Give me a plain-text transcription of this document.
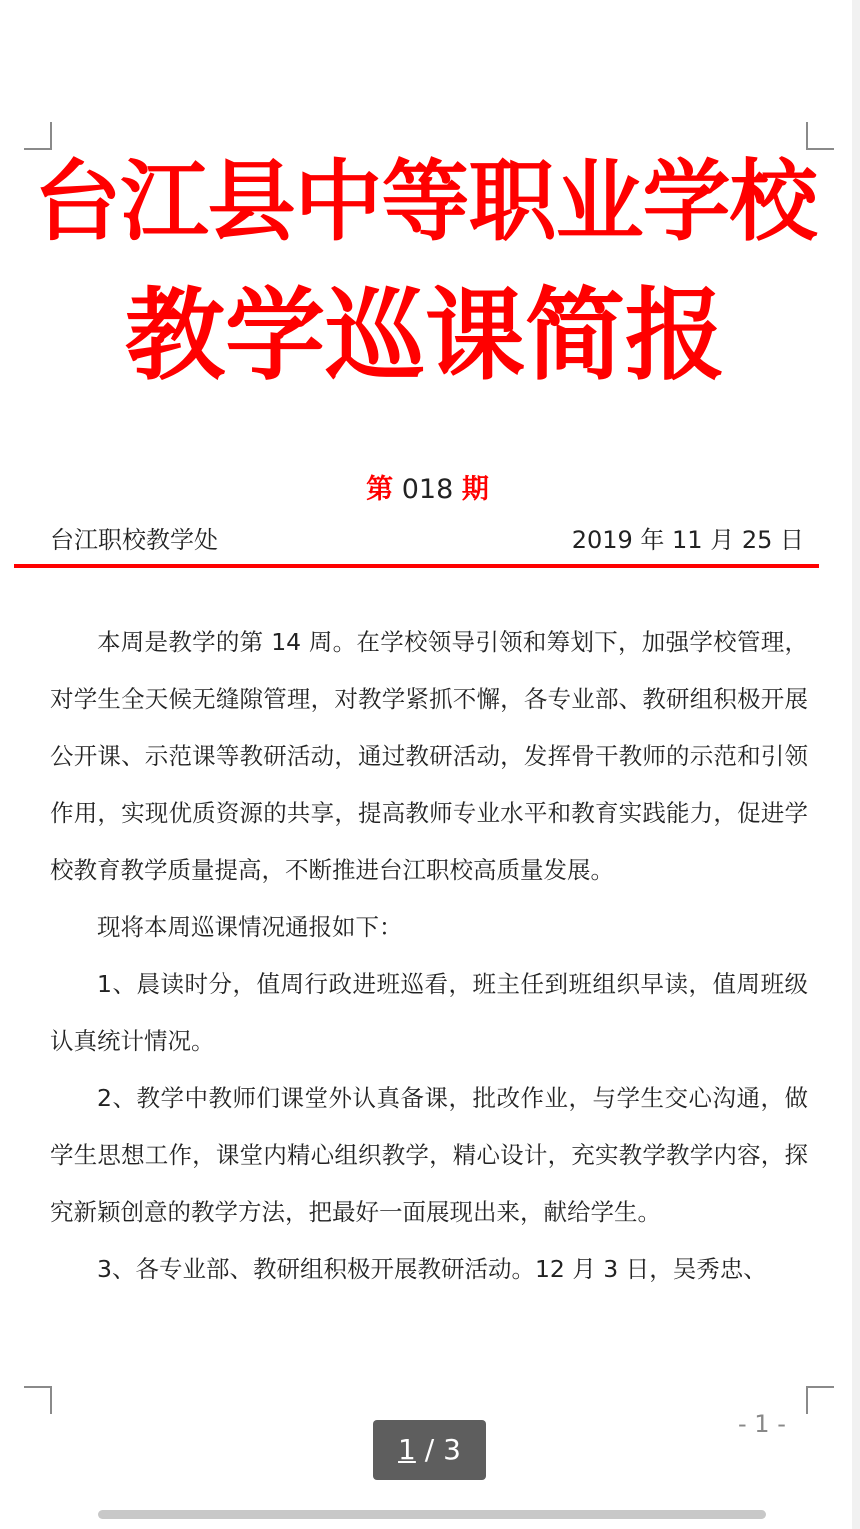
台江县中等职业学校
教学巡课简报
第 018 期
台江职校教学处	2019 年 11 月 25 日

本周是教学的第 14 周。在学校领导引领和筹划下，加强学校管理，对学生全天候无缝隙管理，对教学紧抓不懈，各专业部、教研组积极开展公开课、示范课等教研活动，通过教研活动，发挥骨干教师的示范和引领作用，实现优质资源的共享，提高教师专业水平和教育实践能力，促进学校教育教学质量提高，不断推进台江职校高质量发展。

现将本周巡课情况通报如下：

1、晨读时分，值周行政进班巡看，班主任到班组织早读，值周班级认真统计情况。

2、教学中教师们课堂外认真备课，批改作业，与学生交心沟通，做学生思想工作，课堂内精心组织教学，精心设计，充实教学教学内容，探究新颖创意的教学方法，把最好一面展现出来，献给学生。

3、各专业部、教研组积极开展教研活动。12 月 3 日，吴秀忠、

- 1 -
1 / 3
